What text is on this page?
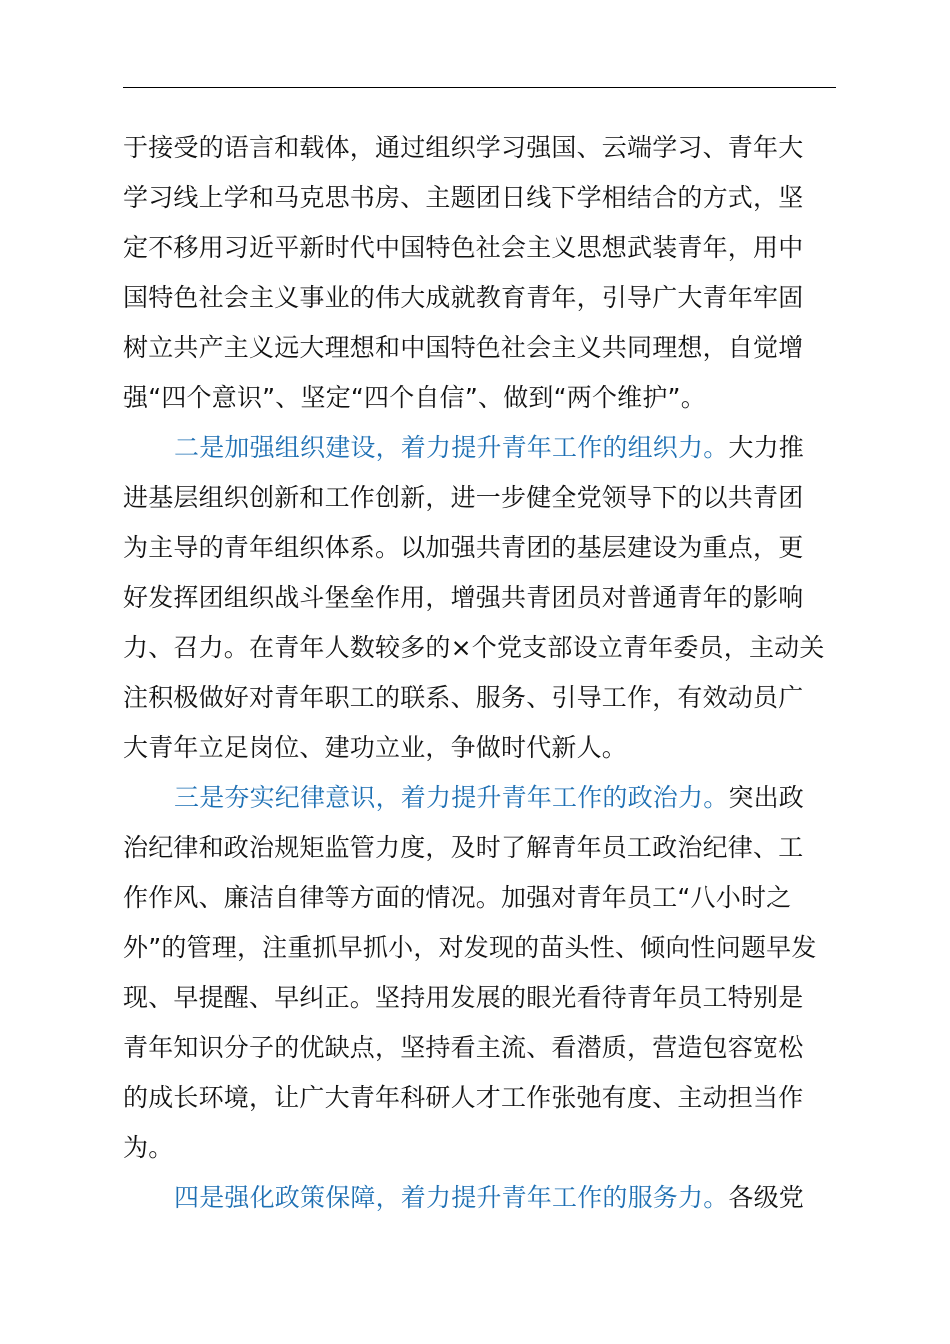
于接受的语言和载体，通过组织学习强国、云端学习、青年大
学习线上学和马克思书房、主题团日线下学相结合的方式，坚
定不移用习近平新时代中国特色社会主义思想武装青年，用中
国特色社会主义事业的伟大成就教育青年，引导广大青年牢固
树立共产主义远大理想和中国特色社会主义共同理想，自觉增
强“四个意识”、坚定“四个自信”、做到“两个维护”。
二是加强组织建设，着力提升青年工作的组织力。大力推
进基层组织创新和工作创新，进一步健全党领导下的以共青团
为主导的青年组织体系。以加强共青团的基层建设为重点，更
好发挥团组织战斗堡垒作用，增强共青团员对普通青年的影响
力、召力。在青年人数较多的×个党支部设立青年委员，主动关
注积极做好对青年职工的联系、服务、引导工作，有效动员广
大青年立足岗位、建功立业，争做时代新人。
三是夯实纪律意识，着力提升青年工作的政治力。突出政
治纪律和政治规矩监管力度，及时了解青年员工政治纪律、工
作作风、廉洁自律等方面的情况。加强对青年员工“八小时之
外”的管理，注重抓早抓小，对发现的苗头性、倾向性问题早发
现、早提醒、早纠正。坚持用发展的眼光看待青年员工特别是
青年知识分子的优缺点，坚持看主流、看潜质，营造包容宽松
的成长环境，让广大青年科研人才工作张弛有度、主动担当作
为。
四是强化政策保障，着力提升青年工作的服务力。各级党
